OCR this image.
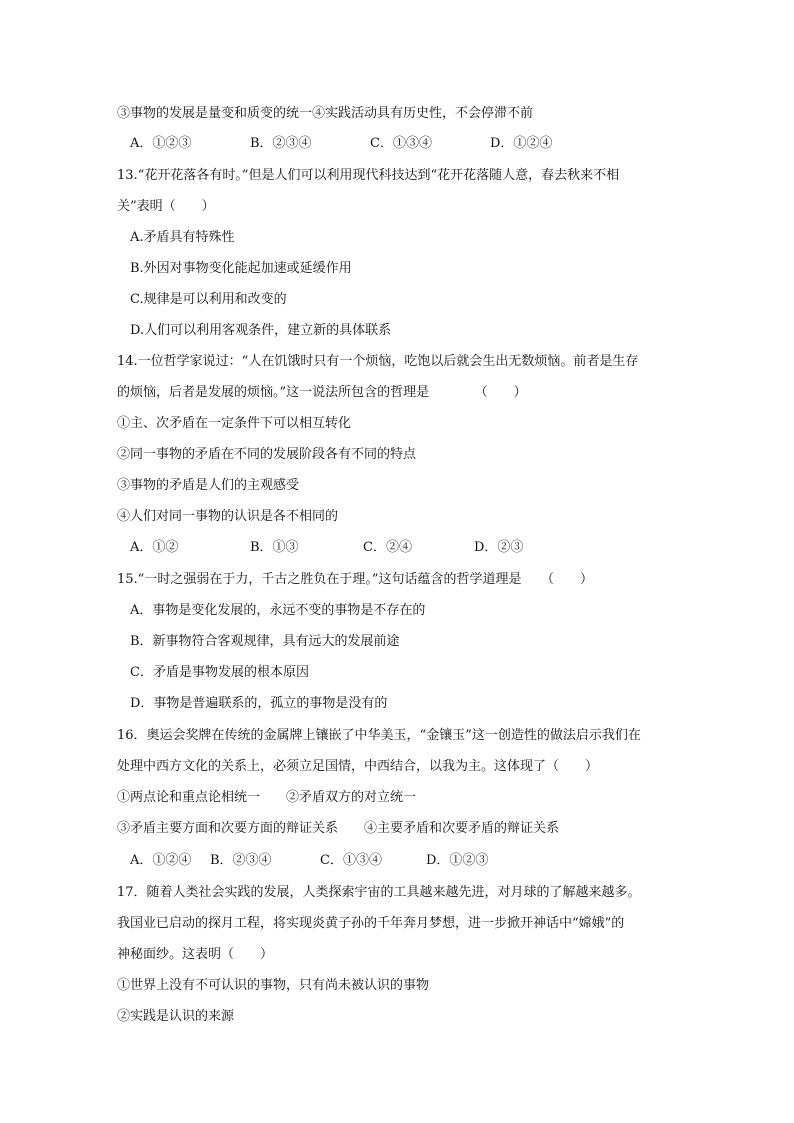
③事物的发展是量变和质变的统一④实践活动具有历史性，不会停滞不前
A．①②③	B．②③④	C．①③④	D．①②④
13.“花开花落各有时。”但是人们可以利用现代科技达到“花开花落随人意，春去秋来不相
关”表明（　　）
A.矛盾具有特殊性
B.外因对事物变化能起加速或延缓作用
C.规律是可以利用和改变的
D.人们可以利用客观条件，建立新的具体联系
14.一位哲学家说过：“人在饥饿时只有一个烦恼，吃饱以后就会生出无数烦恼。前者是生存
的烦恼，后者是发展的烦恼。”这一说法所包含的哲理是　　　　（　　）
①主、次矛盾在一定条件下可以相互转化
②同一事物的矛盾在不同的发展阶段各有不同的特点
③事物的矛盾是人们的主观感受
④人们对同一事物的认识是各不相同的
A．①②	B．①③	C．②④	D．②③
15.“一时之强弱在于力，千古之胜负在于理。”这句话蕴含的哲学道理是　　（　　）
A．事物是变化发展的，永远不变的事物是不存在的
B．新事物符合客观规律，具有远大的发展前途
C．矛盾是事物发展的根本原因
D．事物是普遍联系的，孤立的事物是没有的
16．奥运会奖牌在传统的金属牌上镶嵌了中华美玉，“金镶玉”这一创造性的做法启示我们在
处理中西方文化的关系上，必须立足国情，中西结合，以我为主。这体现了（　　）
①两点论和重点论相统一　　②矛盾双方的对立统一
③矛盾主要方面和次要方面的辩证关系　　④主要矛盾和次要矛盾的辩证关系
A．①②④ B．②③④	C．①③④	D．①②③
17．随着人类社会实践的发展，人类探索宇宙的工具越来越先进，对月球的了解越来越多。
我国业已启动的探月工程，将实现炎黄子孙的千年奔月梦想，进一步掀开神话中“嫦娥”的
神秘面纱。这表明（　　）
①世界上没有不可认识的事物，只有尚未被认识的事物
②实践是认识的来源
